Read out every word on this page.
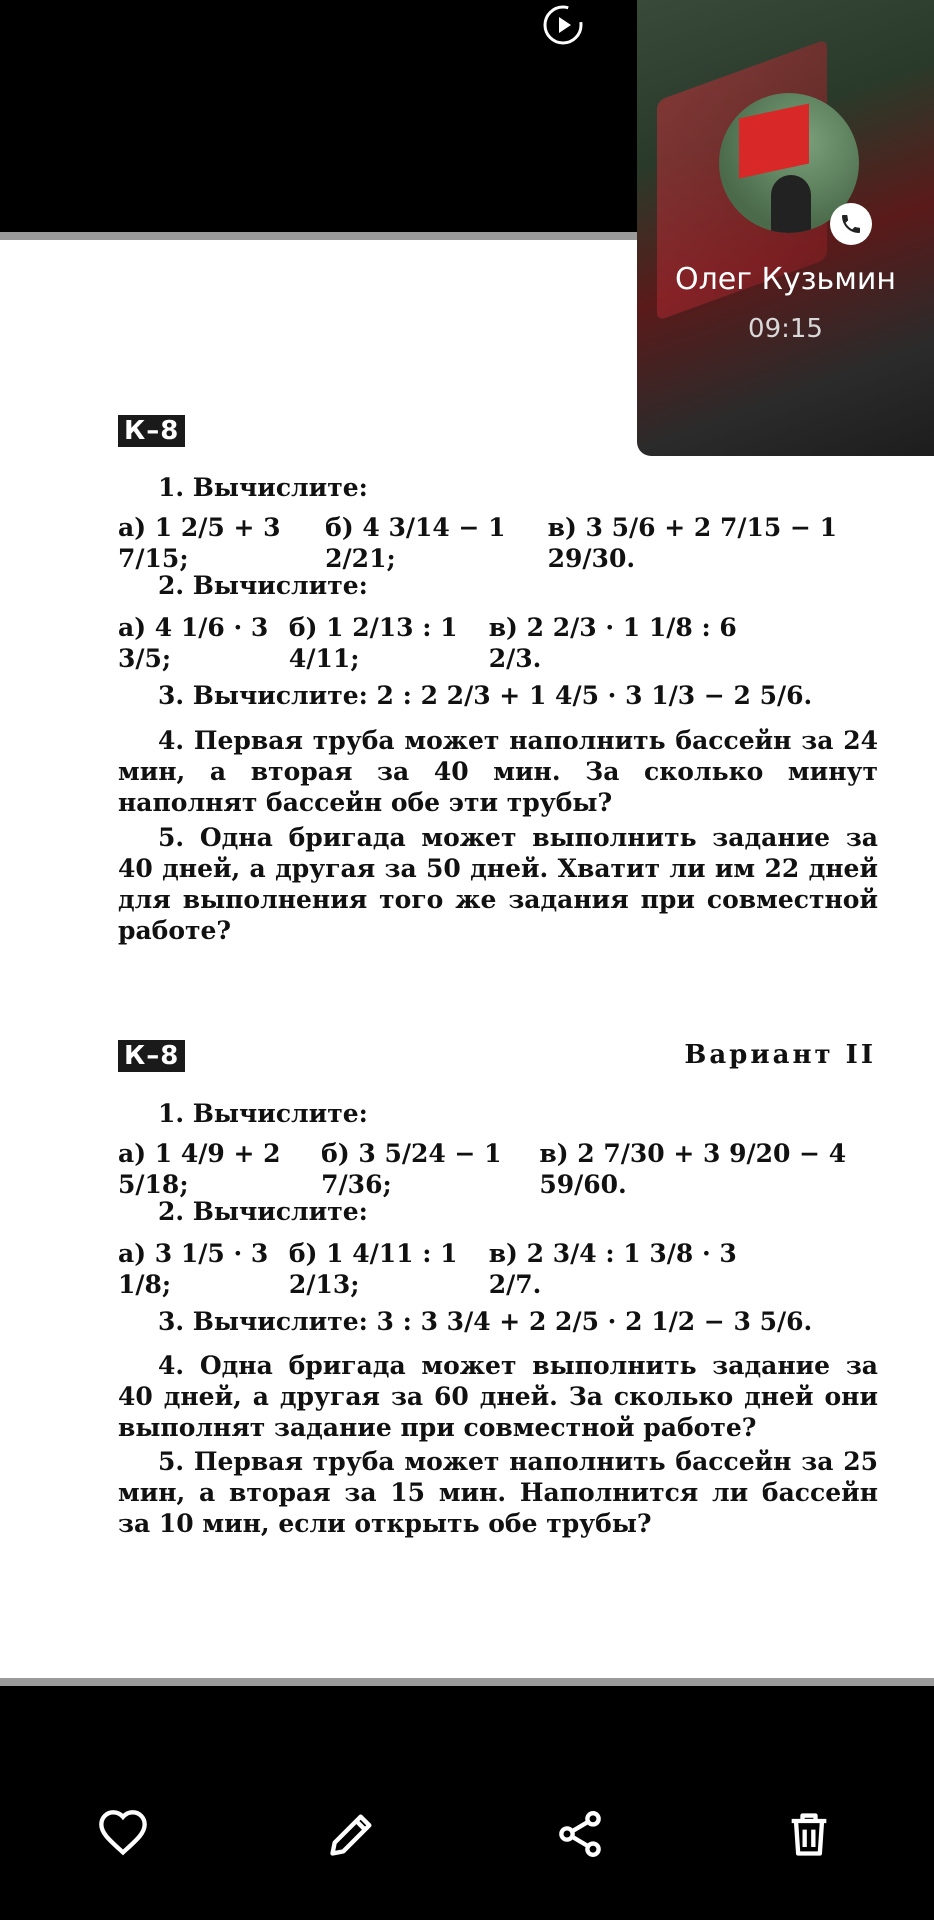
К–8
1. Вычислите:
а) 1 2/5 + 3 7/15;
б) 4 3/14 − 1 2/21;
в) 3 5/6 + 2 7/15 − 1 29/30.
2. Вычислите:
а) 4 1/6 · 3 3/5;
б) 1 2/13 : 1 4/11;
в) 2 2/3 · 1 1/8 : 6 2/3.

3. Вычислите: 2 : 2 2/3 + 1 4/5 · 3 1/3 − 2 5/6.

4. Первая труба может наполнить бассейн за 24 мин, а вторая за 40 мин. За сколько минут наполнят бассейн обе эти трубы?

5. Одна бригада может выполнить задание за 40 дней, а другая за 50 дней. Хватит ли им 22 дней для выполнения того же задания при совместной работе?

К–8	Вариант II
1. Вычислите:
а) 1 4/9 + 2 5/18;
б) 3 5/24 − 1 7/36;
в) 2 7/30 + 3 9/20 − 4 59/60.
2. Вычислите:
а) 3 1/5 · 3 1/8;
б) 1 4/11 : 1 2/13;
в) 2 3/4 : 1 3/8 · 3 2/7.

3. Вычислите: 3 : 3 3/4 + 2 2/5 · 2 1/2 − 3 5/6.

4. Одна бригада может выполнить задание за 40 дней, а другая за 60 дней. За сколько дней они выполнят задание при совместной работе?

5. Первая труба может наполнить бассейн за 25 мин, а вторая за 15 мин. Наполнится ли бассейн за 10 мин, если открыть обе трубы?

Олег Кузьмин
09:15
